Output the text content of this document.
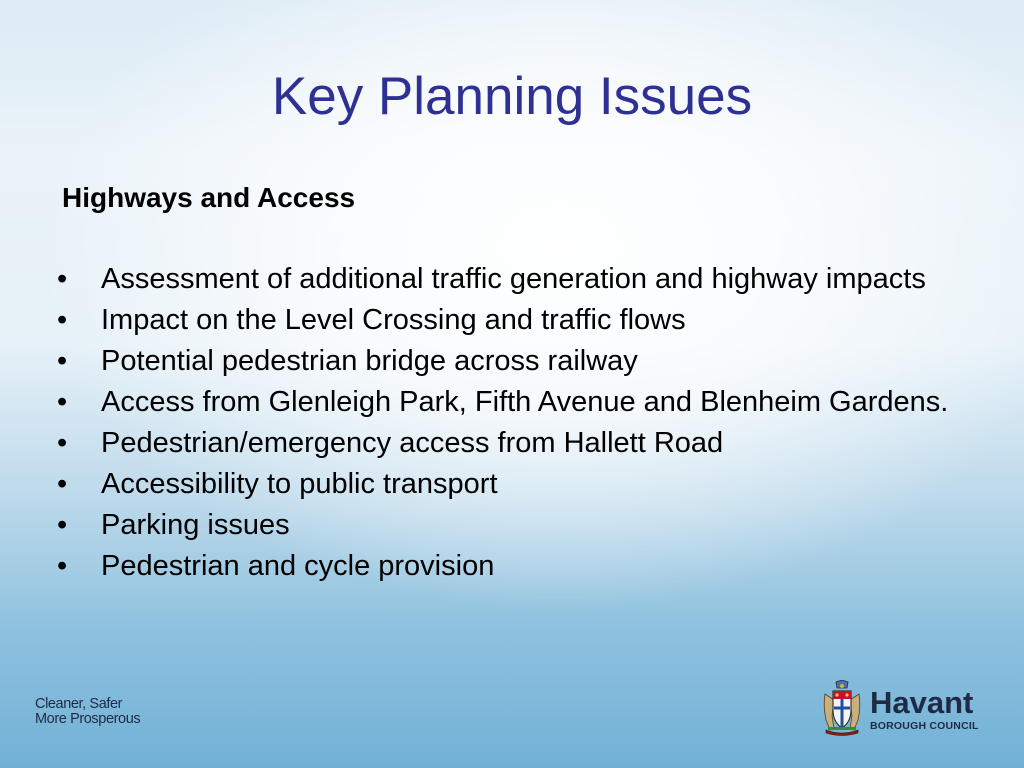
Key Planning Issues
Highways and Access
•	Assessment of additional traffic generation and highway impacts
•	Impact on the Level Crossing and traffic flows
•	Potential pedestrian bridge across railway
•	Access from Glenleigh Park, Fifth Avenue and Blenheim Gardens.
•	Pedestrian/emergency access from Hallett Road
•	Accessibility to public transport
•	Parking issues
•	Pedestrian and cycle provision
Cleaner, Safer
More Prosperous	Havant
BOROUGH COUNCIL
